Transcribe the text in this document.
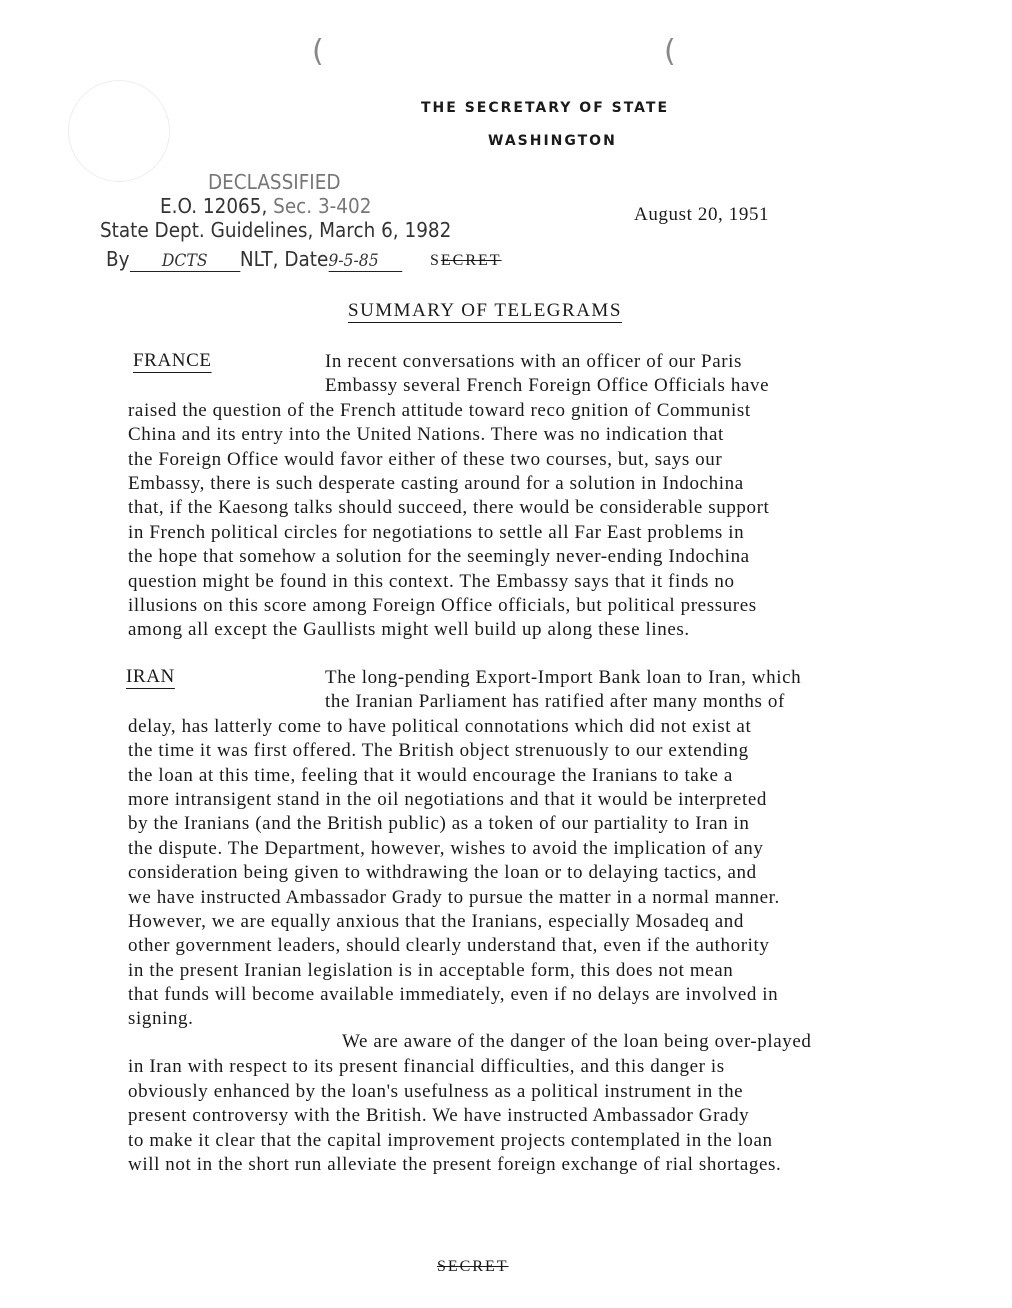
(	(
THE SECRETARY OF STATE
WASHINGTON
DECLASSIFIED
E.O. 12065, Sec. 3-402
State Dept. Guidelines, March 6, 1982
By DCTS NLT, Date9-5-85	SECRET
August 20, 1951
SUMMARY OF TELEGRAMS
FRANCE	In recent conversations with an officer of our Paris
Embassy several French Foreign Office Officials have
raised the question of the French attitude toward reco gnition of Communist
China and its entry into the United Nations. There was no indication that
the Foreign Office would favor either of these two courses, but, says our
Embassy, there is such desperate casting around for a solution in Indochina
that, if the Kaesong talks should succeed, there would be considerable support
in French political circles for negotiations to settle all Far East problems in
the hope that somehow a solution for the seemingly never-ending Indochina
question might be found in this context. The Embassy says that it finds no
illusions on this score among Foreign Office officials, but political pressures
among all except the Gaullists might well build up along these lines.
IRAN	The long-pending Export-Import Bank loan to Iran, which
the Iranian Parliament has ratified after many months of
delay, has latterly come to have political connotations which did not exist at
the time it was first offered. The British object strenuously to our extending
the loan at this time, feeling that it would encourage the Iranians to take a
more intransigent stand in the oil negotiations and that it would be interpreted
by the Iranians (and the British public) as a token of our partiality to Iran in
the dispute. The Department, however, wishes to avoid the implication of any
consideration being given to withdrawing the loan or to delaying tactics, and
we have instructed Ambassador Grady to pursue the matter in a normal manner.
However, we are equally anxious that the Iranians, especially Mosadeq and
other government leaders, should clearly understand that, even if the authority
in the present Iranian legislation is in acceptable form, this does not mean
that funds will become available immediately, even if no delays are involved in
signing.
We are aware of the danger of the loan being over-played
in Iran with respect to its present financial difficulties, and this danger is
obviously enhanced by the loan's usefulness as a political instrument in the
present controversy with the British. We have instructed Ambassador Grady
to make it clear that the capital improvement projects contemplated in the loan
will not in the short run alleviate the present foreign exchange of rial shortages.
SECRET
